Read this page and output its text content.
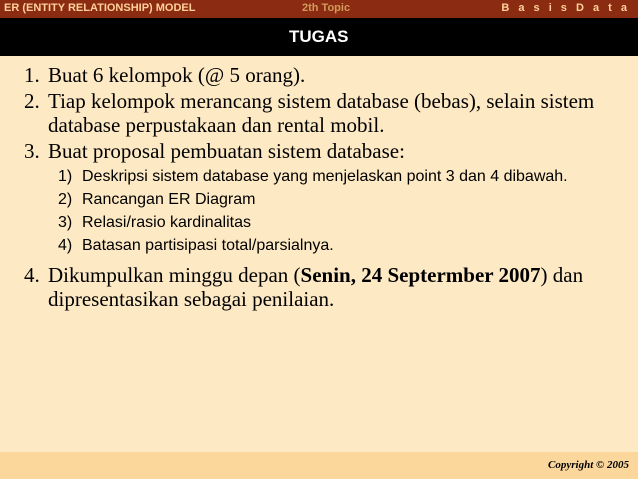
ER (ENTITY RELATIONSHIP) MODEL	2th Topic	B a s i s D a t a
TUGAS
1. Buat 6 kelompok (@ 5 orang).
2. Tiap kelompok merancang sistem database (bebas), selain sistem database perpustakaan dan rental mobil.
3. Buat proposal pembuatan sistem database:
1) Deskripsi sistem database yang menjelaskan point 3 dan 4 dibawah.
2) Rancangan ER Diagram
3) Relasi/rasio kardinalitas
4) Batasan partisipasi total/parsialnya.
4. Dikumpulkan minggu depan (Senin, 24 Septermber 2007) dan dipresentasikan sebagai penilaian.
Copyright © 2005
